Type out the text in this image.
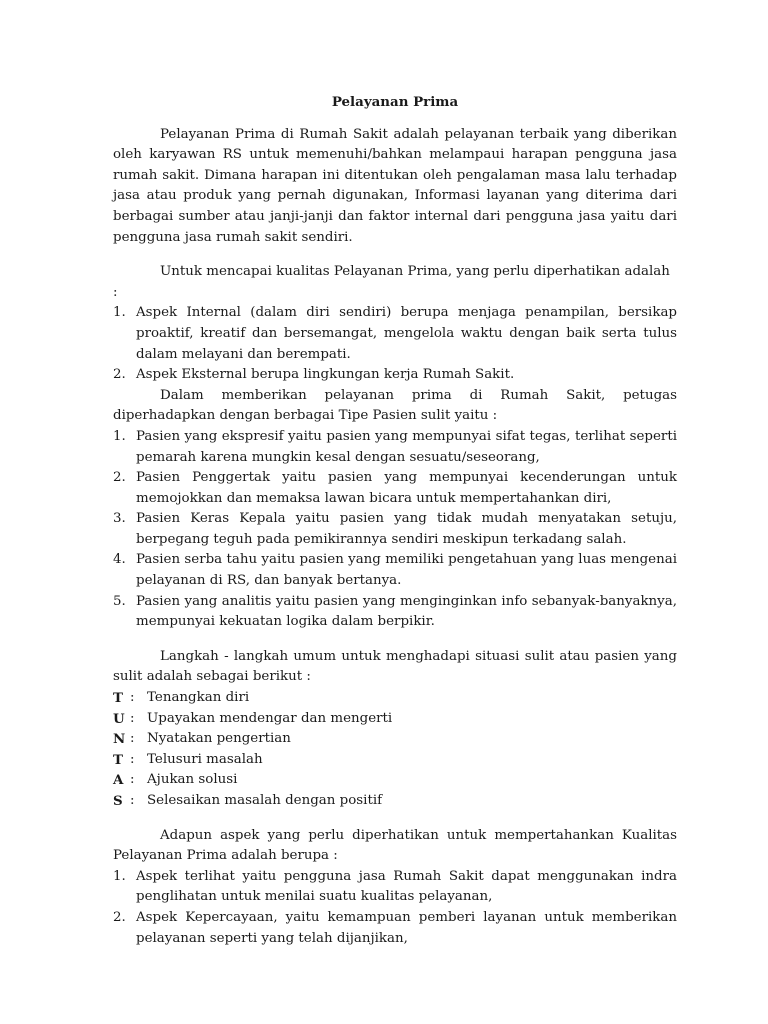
Pelayanan Prima

Pelayanan Prima di Rumah Sakit adalah pelayanan terbaik yang diberikan oleh karyawan RS untuk memenuhi/bahkan melampaui harapan pengguna jasa rumah sakit. Dimana harapan ini ditentukan oleh pengalaman masa lalu terhadap jasa atau produk yang pernah digunakan, Informasi layanan yang diterima dari berbagai sumber atau janji-janji dan faktor internal dari pengguna jasa yaitu dari pengguna jasa rumah sakit sendiri.

Untuk mencapai kualitas Pelayanan Prima, yang perlu diperhatikan adalah :

1. Aspek Internal (dalam diri sendiri) berupa menjaga penampilan, bersikap proaktif, kreatif dan bersemangat, mengelola waktu dengan baik serta tulus dalam melayani dan berempati.
2. Aspek Eksternal berupa lingkungan kerja Rumah Sakit.

Dalam memberikan pelayanan prima di Rumah Sakit, petugas diperhadapkan dengan berbagai Tipe Pasien sulit yaitu :

1. Pasien yang ekspresif yaitu pasien yang mempunyai sifat tegas, terlihat seperti pemarah karena mungkin kesal dengan sesuatu/seseorang,
2. Pasien Penggertak yaitu pasien yang mempunyai kecenderungan untuk memojokkan dan memaksa lawan bicara untuk mempertahankan diri,
3. Pasien Keras Kepala yaitu pasien yang tidak mudah menyatakan setuju, berpegang teguh pada pemikirannya sendiri meskipun terkadang salah.
4. Pasien serba tahu yaitu pasien yang memiliki pengetahuan yang luas mengenai pelayanan di RS, dan banyak bertanya.
5. Pasien yang analitis yaitu pasien yang menginginkan info sebanyak-banyaknya, mempunyai kekuatan logika dalam berpikir.

Langkah - langkah umum untuk menghadapi situasi sulit atau pasien yang sulit adalah sebagai berikut :

T : Tenangkan diri
U : Upayakan mendengar dan mengerti
N : Nyatakan pengertian
T : Telusuri masalah
A : Ajukan solusi
S : Selesaikan masalah dengan positif

Adapun aspek yang perlu diperhatikan untuk mempertahankan Kualitas Pelayanan Prima adalah berupa :

1. Aspek terlihat yaitu pengguna jasa Rumah Sakit dapat menggunakan indra penglihatan untuk menilai suatu kualitas pelayanan,
2. Aspek Kepercayaan, yaitu kemampuan pemberi layanan untuk memberikan pelayanan seperti yang telah dijanjikan,
